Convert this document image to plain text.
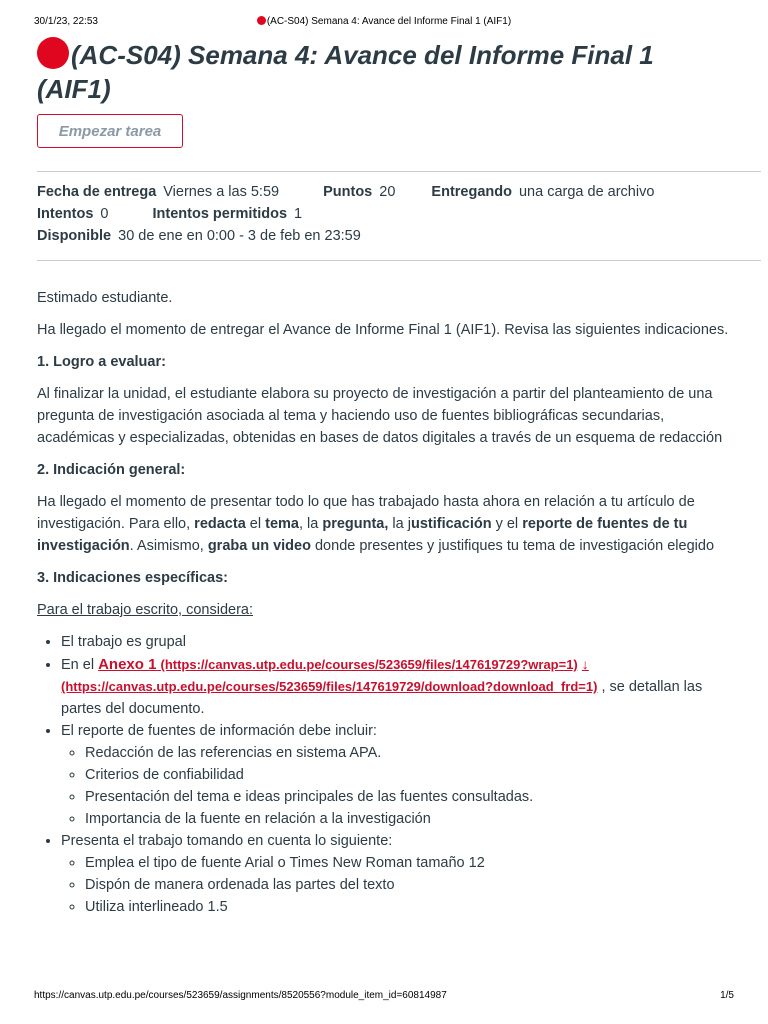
30/1/23, 22:53	(AC-S04) Semana 4: Avance del Informe Final 1 (AIF1)
(AC-S04) Semana 4: Avance del Informe Final 1 (AIF1)
Empezar tarea
Fecha de entrega Viernes a las 5:59	Puntos 20 Entregando una carga de archivo
Intentos 0	Intentos permitidos 1
Disponible 30 de ene en 0:00 - 3 de feb en 23:59

Estimado estudiante.

Ha llegado el momento de entregar el Avance de Informe Final 1 (AIF1). Revisa las siguientes indicaciones.

1. Logro a evaluar:

Al finalizar la unidad, el estudiante elabora su proyecto de investigación a partir del planteamiento de una pregunta de investigación asociada al tema y haciendo uso de fuentes bibliográficas secundarias, académicas y especializadas, obtenidas en bases de datos digitales a través de un esquema de redacción

2. Indicación general:

Ha llegado el momento de presentar todo lo que has trabajado hasta ahora en relación a tu artículo de investigación. Para ello, redacta el tema, la pregunta, la justificación y el reporte de fuentes de tu investigación. Asimismo, graba un video donde presentes y justifiques tu tema de investigación elegido

3. Indicaciones específicas:

Para el trabajo escrito, considera:

• El trabajo es grupal
• En el Anexo 1 (https://canvas.utp.edu.pe/courses/523659/files/147619729?wrap=1) ↓
(https://canvas.utp.edu.pe/courses/523659/files/147619729/download?download_frd=1) , se detallan las partes del documento.
• El reporte de fuentes de información debe incluir:
◦ Redacción de las referencias en sistema APA.
◦ Criterios de confiabilidad
◦ Presentación del tema e ideas principales de las fuentes consultadas.
◦ Importancia de la fuente en relación a la investigación
• Presenta el trabajo tomando en cuenta lo siguiente:
◦ Emplea el tipo de fuente Arial o Times New Roman tamaño 12
◦ Dispón de manera ordenada las partes del texto
◦ Utiliza interlineado 1.5
https://canvas.utp.edu.pe/courses/523659/assignments/8520556?module_item_id=60814987	1/5
